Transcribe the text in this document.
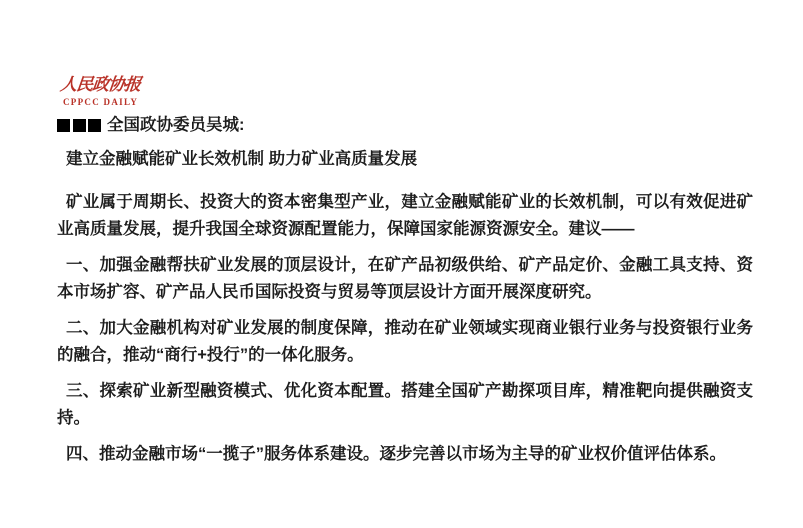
人民政协报
CPPCC DAILY
全国政协委员吴城:
建立金融赋能矿业长效机制 助力矿业高质量发展

矿业属于周期长、投资大的资本密集型产业，建立金融赋能矿业的长效机制，可以有效促进矿业高质量发展，提升我国全球资源配置能力，保障国家能源资源安全。建议——

一、加强金融帮扶矿业发展的顶层设计，在矿产品初级供给、矿产品定价、金融工具支持、资本市场扩容、矿产品人民币国际投资与贸易等顶层设计方面开展深度研究。

二、加大金融机构对矿业发展的制度保障，推动在矿业领域实现商业银行业务与投资银行业务的融合，推动“商行+投行”的一体化服务。

三、探索矿业新型融资模式、优化资本配置。搭建全国矿产勘探项目库，精准靶向提供融资支持。

四、推动金融市场“一揽子”服务体系建设。逐步完善以市场为主导的矿业权价值评估体系。
